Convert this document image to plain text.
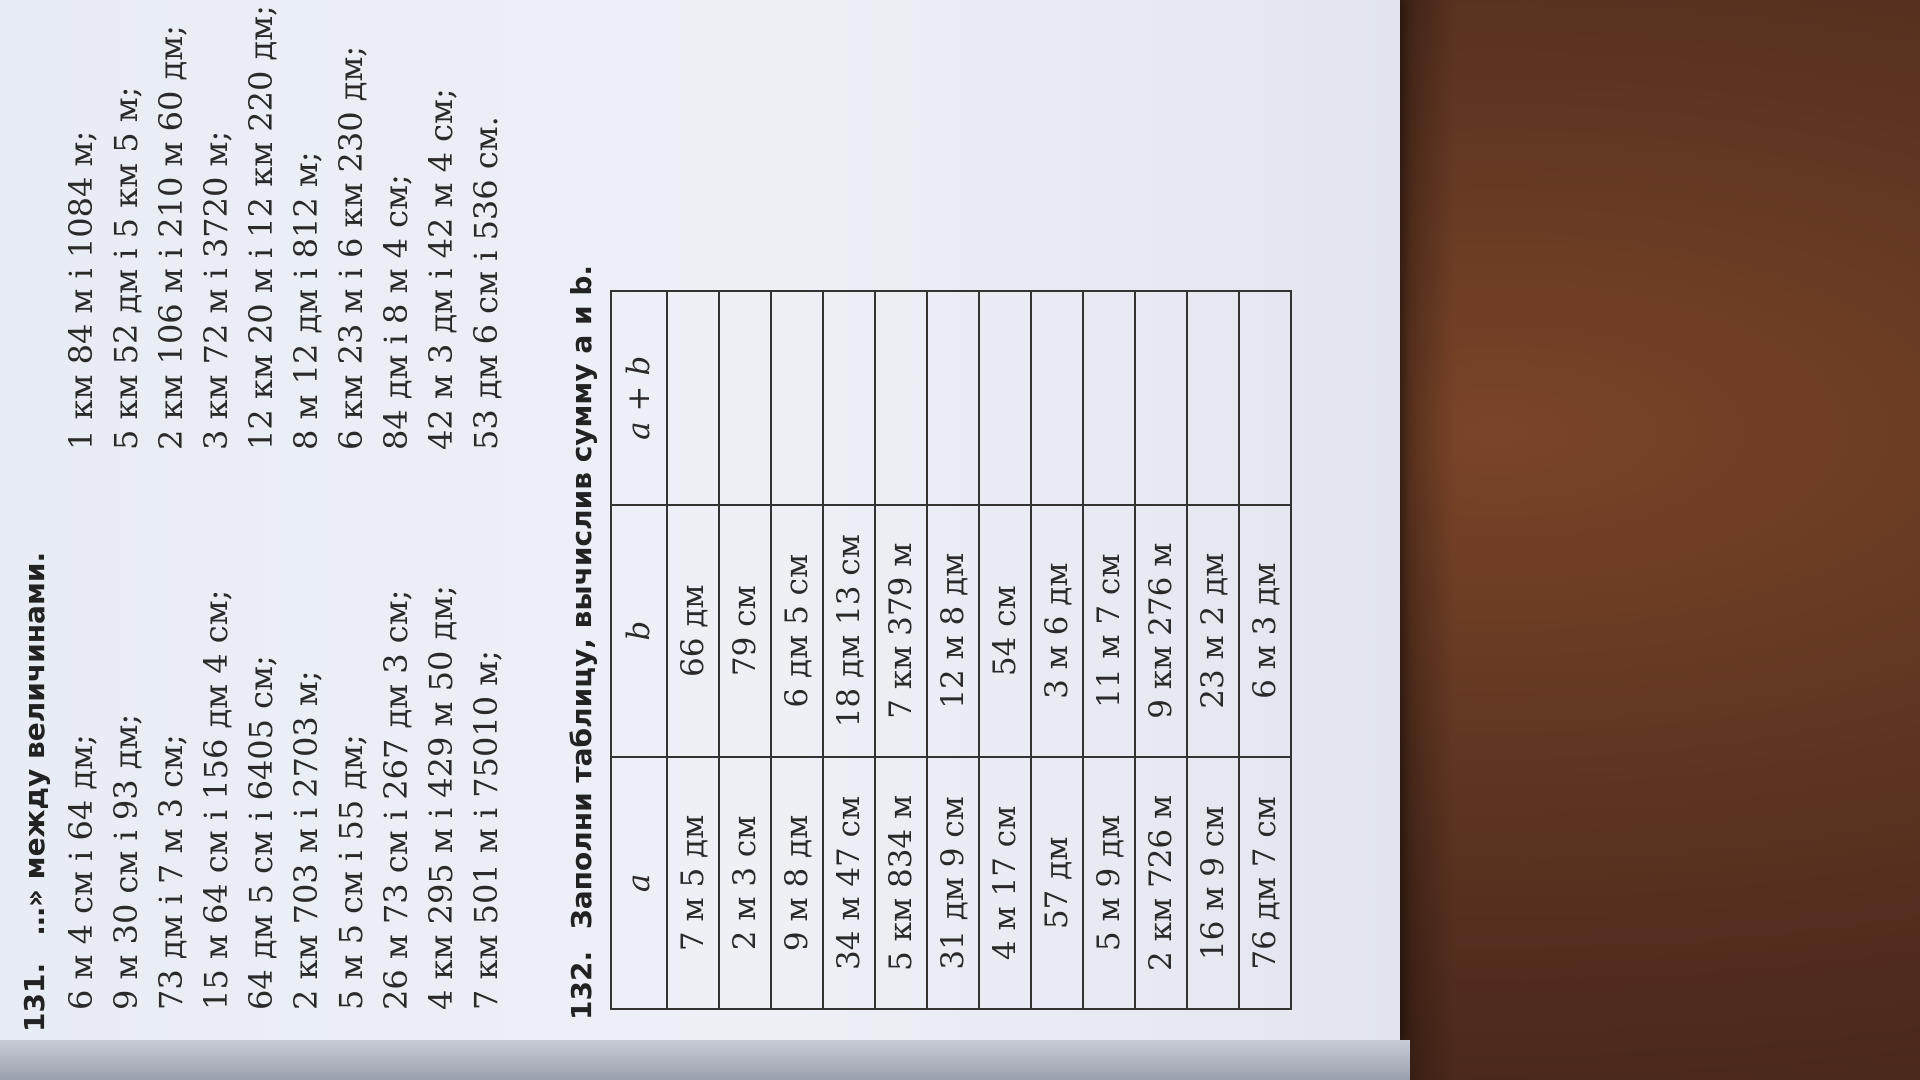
131. …» между величинами. 6 м 4 см і 64 дм;
1 км 84 м і 1084 м;
9 м 30 см і 93 дм;
5 км 52 дм і 5 км 5 м;
73 дм і 7 м 3 см;
2 км 106 м і 210 м 60 дм;
15 м 64 см і 156 дм 4 см;
3 км 72 м і 3720 м;
64 дм 5 см і 6405 см;
12 км 20 м і 12 км 220 дм;
2 км 703 м і 2703 м;
8 м 12 дм і 812 м;
5 м 5 см і 55 дм;
6 км 23 м і 6 км 230 дм;
26 м 73 см і 267 дм 3 см;
84 дм і 8 м 4 см;
4 км 295 м і 429 м 50 дм;
42 м 3 дм і 42 м 4 см;
7 км 501 м і 75010 м;
53 дм 6 см і 536 см.
132. Заполни таблицу, вычислив сумму a и b. a	b	a + b
7 м 5 дм	66 дм	
2 м 3 см	79 см	
9 м 8 дм	6 дм 5 см	
34 м 47 см	18 дм 13 см	
5 км 834 м	7 км 379 м	
31 дм 9 см	12 м 8 дм	
4 м 17 см	54 см	
57 дм	3 м 6 дм	
5 м 9 дм	11 м 7 см	
2 км 726 м	9 км 276 м	
16 м 9 см	23 м 2 дм	
76 дм 7 см	6 м 3 дм	
